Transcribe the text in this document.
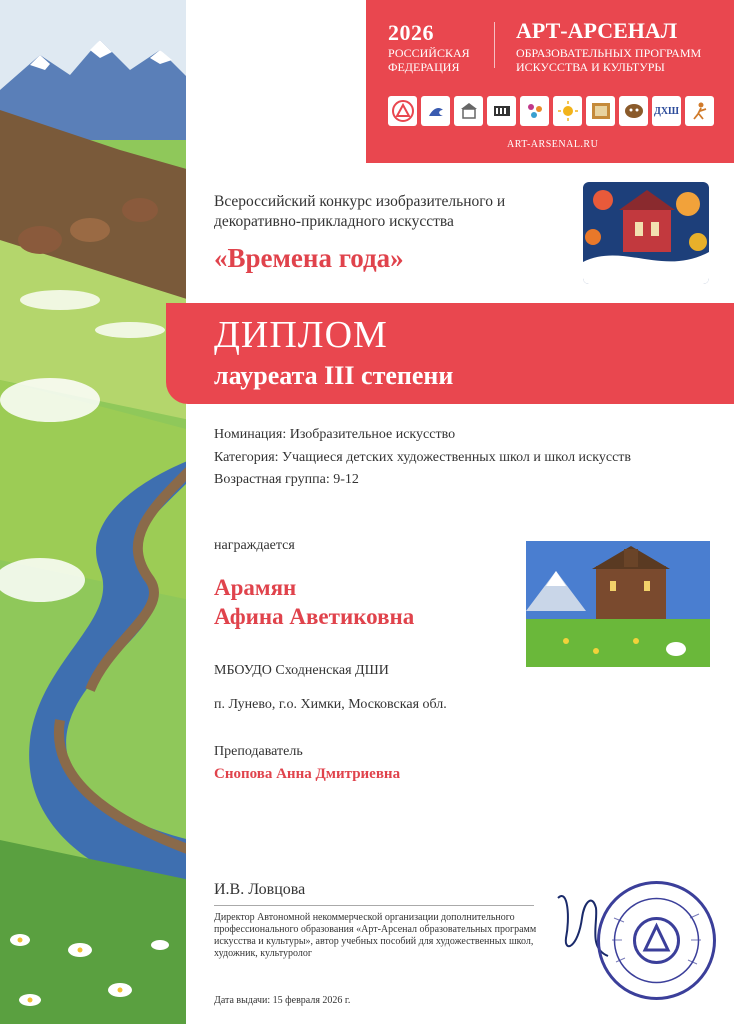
2026
РОССИЙСКАЯ ФЕДЕРАЦИЯ
АРТ-АРСЕНАЛ
ОБРАЗОВАТЕЛЬНЫХ ПРОГРАММ ИСКУССТВА И КУЛЬТУРЫ
ДХШ
ART-ARSENAL.RU
Всероссийский конкурс изобразительного и декоративно-прикладного искусства
«Времена года»
ДИПЛОМ
лауреата III степени
Номинация: Изобразительное искусство
Категория: Учащиеся детских художественных школ и школ искусств
Возрастная группа: 9-12
награждается
Арамян
Афина Аветиковна
МБОУДО Сходненская ДШИ
п. Лунево, г.о. Химки, Московская обл.
Преподаватель
Снопова Анна Дмитриевна
И.В. Ловцова
Директор Автономной некоммерческой организации дополнительного профессионального образования «Арт-Арсенал образовательных программ искусства и культуры», автор учебных пособий для художественных школ, художник, культуролог
Дата выдачи: 15 февраля 2026 г.
